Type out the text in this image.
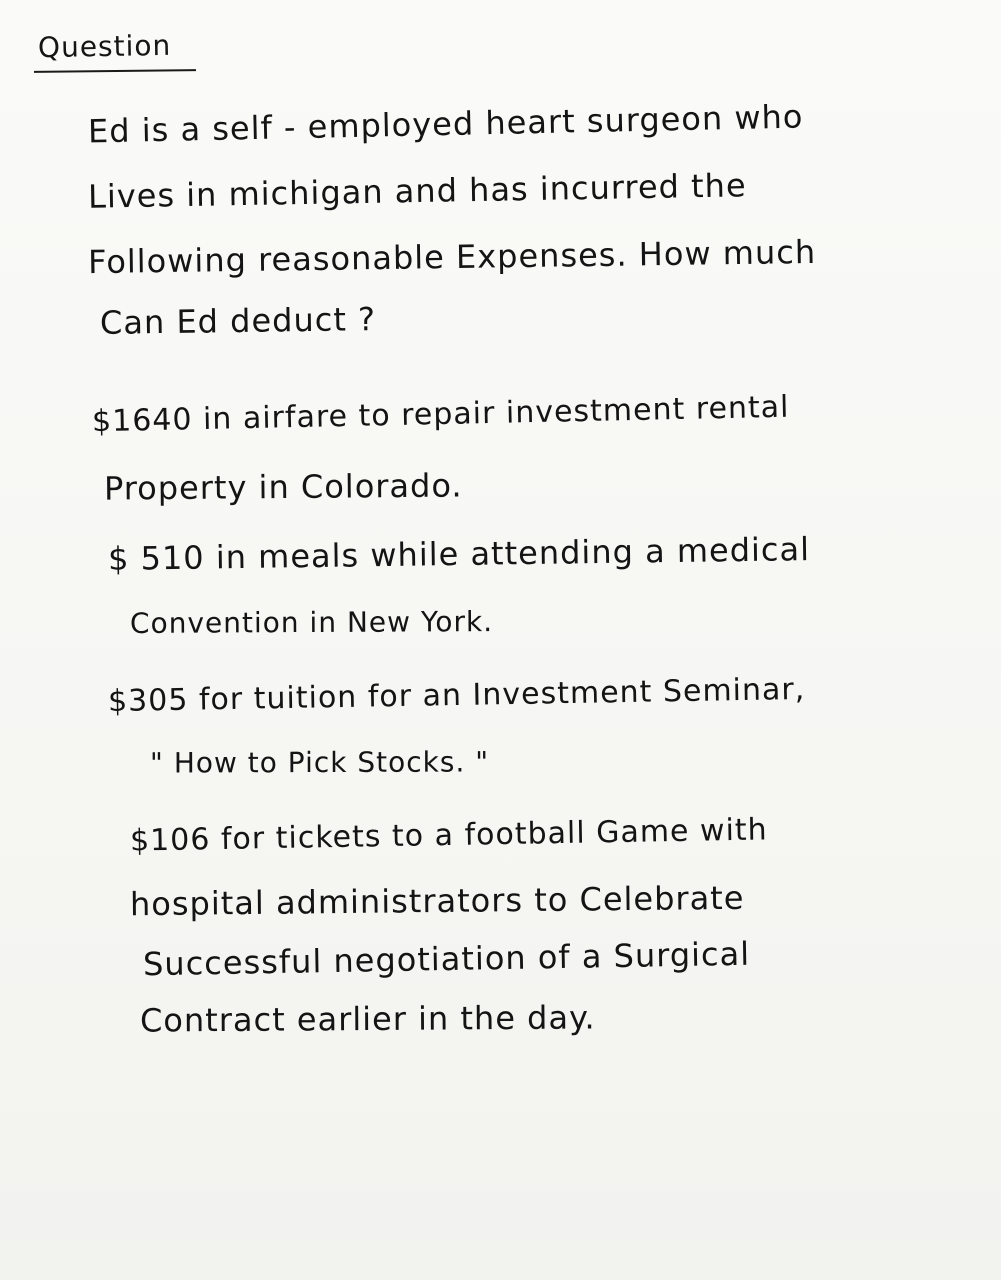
Question
Ed is a self - employed heart surgeon who
Lives in michigan and has incurred the
Following reasonable Expenses. How much
Can Ed deduct ?
$1640 in airfare to repair investment rental
Property in Colorado.
$ 510 in meals while attending a medical
Convention in New York.
$305 for tuition for an Investment Seminar,
" How to Pick Stocks. "
$106 for tickets to a football Game with
hospital administrators to Celebrate
Successful negotiation of a Surgical
Contract earlier in the day.
